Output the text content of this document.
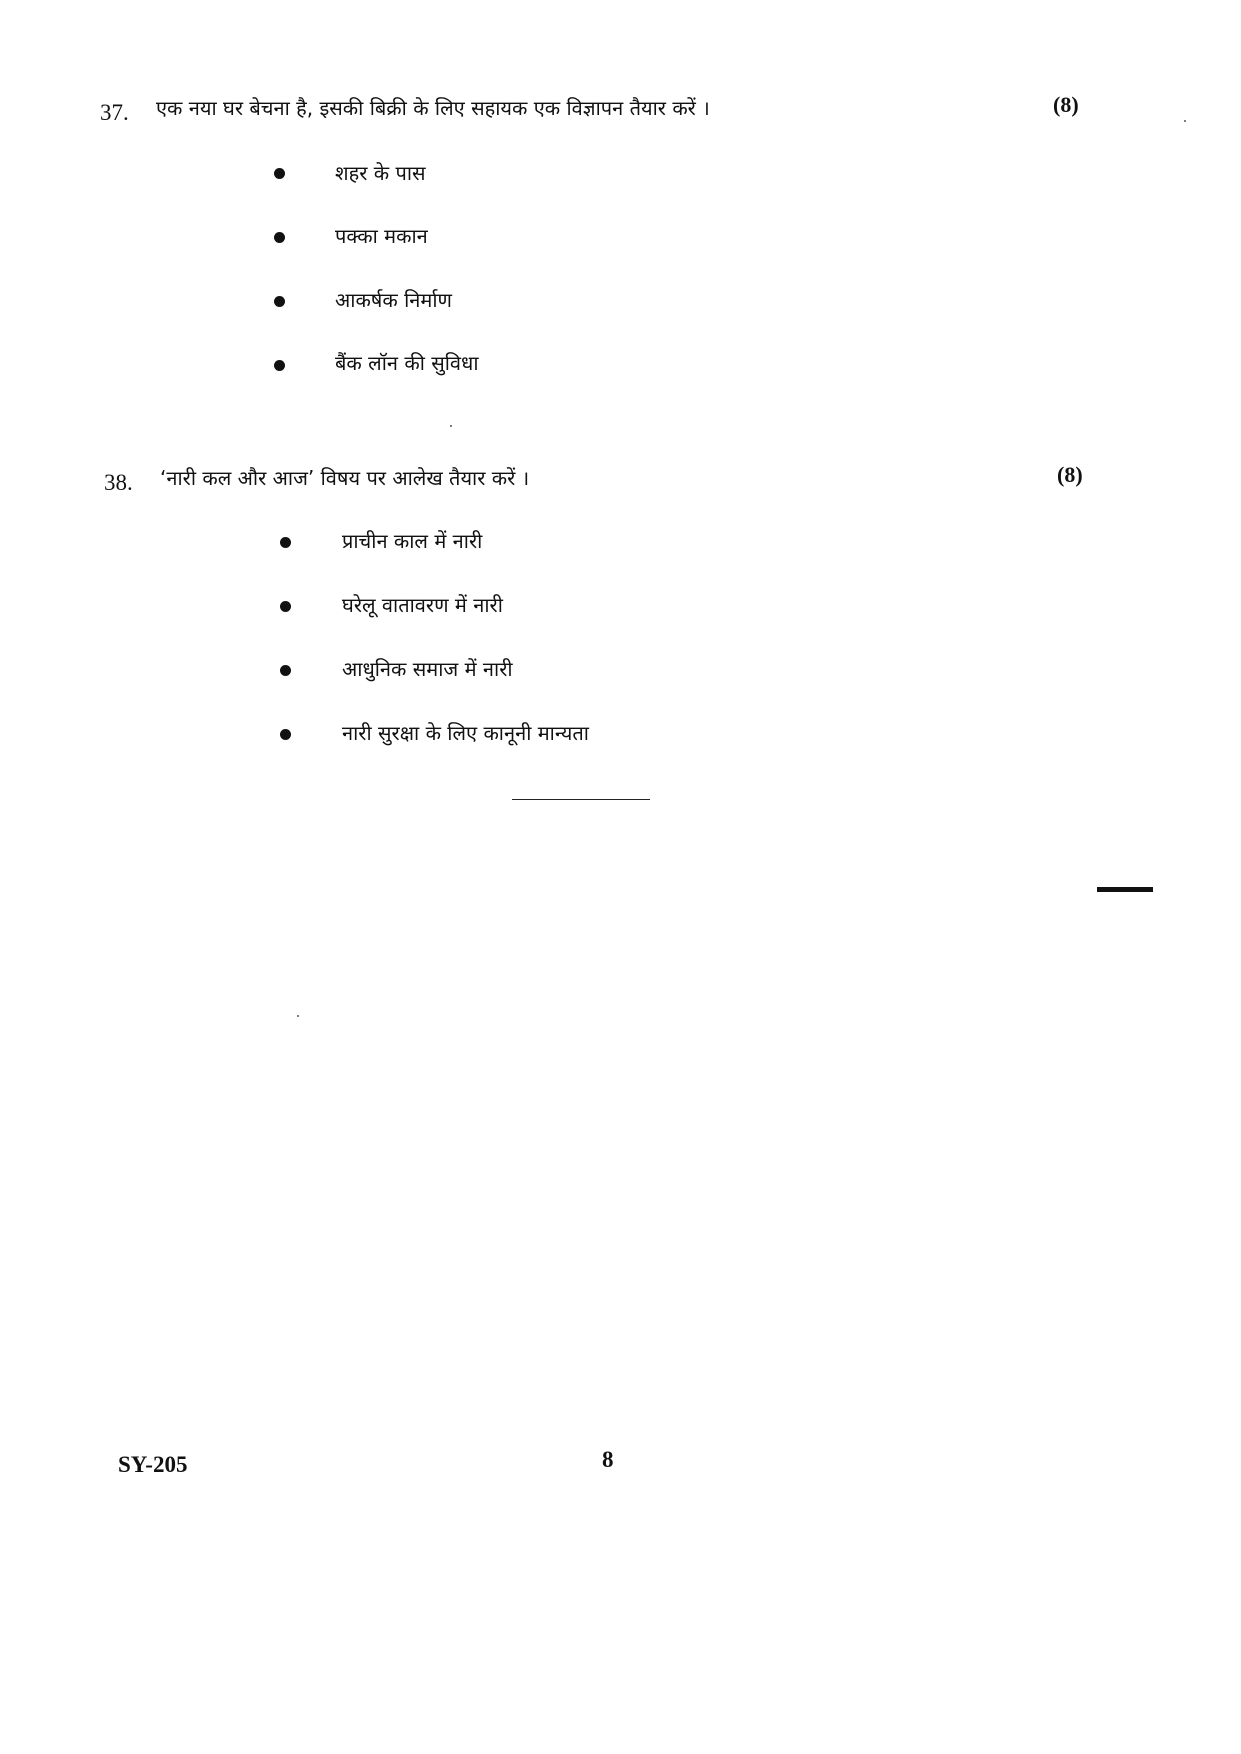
37. एक नया घर बेचना है, इसकी बिक्री के लिए सहायक एक विज्ञापन तैयार करें ।	(8)
शहर के पास
पक्का मकान
आकर्षक निर्माण
बैंक लॉन की सुविधा
38. ‘नारी कल और आज’ विषय पर आलेख तैयार करें ।	(8)
प्राचीन काल में नारी
घरेलू वातावरण में नारी
आधुनिक समाज में नारी
नारी सुरक्षा के लिए कानूनी मान्यता
SY-205	8
